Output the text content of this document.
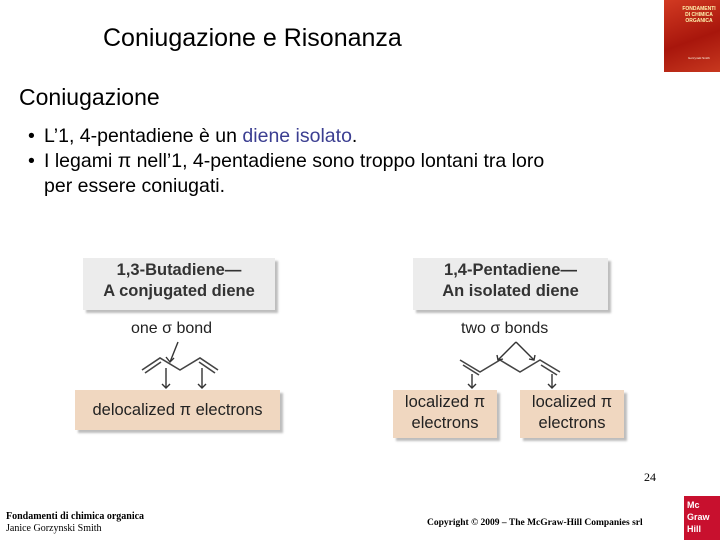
Coniugazione e Risonanza
FONDAMENTI
DI CHIMICA
ORGANICA
Gorzynski Smith
Coniugazione
• L’1, 4-pentadiene è un diene isolato.
• I legami π nell’1, 4-pentadiene sono troppo lontani tra loro
per essere coniugati.
1,3-Butadiene—
A conjugated diene
one σ bond
delocalized π electrons
1,4-Pentadiene—
An isolated diene
two σ bonds
localized π
electrons
localized π
electrons
Fondamenti di chimica organica
Janice Gorzynski Smith
24
Copyright © 2009 – The McGraw-Hill Companies srl
Mc
Graw
Hill
